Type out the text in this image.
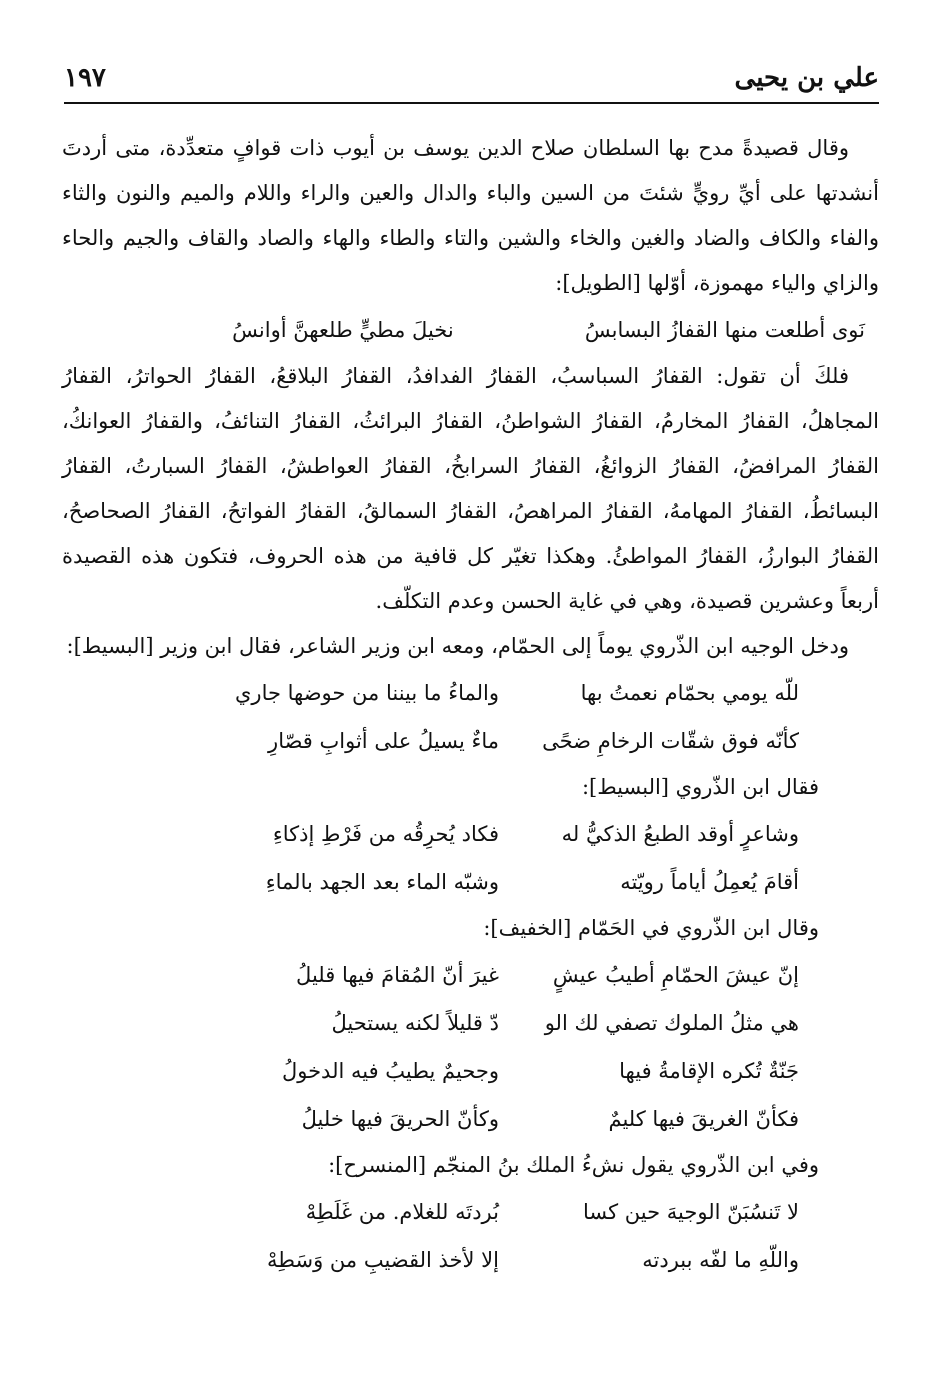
١٩٧	علي بن يحيى

وقال قصيدةً مدح بها السلطان صلاح الدين يوسف بن أيوب ذات قوافٍ متعدِّدة، متى أردتَ أنشدتها على أيِّ رويٍّ شئتَ من السين والباء والدال والعين والراء واللام والميم والنون والثاء والفاء والكاف والضاد والغين والخاء والشين والتاء والطاء والهاء والصاد والقاف والجيم والحاء والزاي والياء مهموزة، أوّلها [الطويل]:

نَوى أطلعت منها القفازُ البسابسُ
نخيلَ مطيٍّ طلعهنَّ أوانسُ

فلكَ أن تقول: القفارُ السباسبُ، القفارُ الفدافدُ، القفارُ البلاقعُ، القفارُ الحواترُ، القفارُ المجاهلُ، القفارُ المخارمُ، القفارُ الشواطنُ، القفارُ البرائثُ، القفارُ التنائفُ، والقفارُ العوانكُ، القفارُ المرافضُ، القفارُ الزوائغُ، القفارُ السرابخُ، القفارُ العواطشُ، القفارُ السبارتُ، القفارُ البسائطُ، القفارُ المهامهُ، القفارُ المراهصُ، القفارُ السمالقُ، القفارُ الفواتحُ، القفارُ الصحاصحُ، القفارُ البوارزُ، القفارُ المواطئُ. وهكذا تغيّر كل قافية من هذه الحروف، فتكون هذه القصيدة أربعاً وعشرين قصيدة، وهي في غاية الحسن وعدم التكلّف.

ودخل الوجيه ابن الذّروي يوماً إلى الحمّام، ومعه ابن وزير الشاعر، فقال ابن وزير [البسيط]:

للّه يومي بحمّام نعمتُ بها
والماءُ ما بيننا من حوضها جاري
كأنّه فوق شقّات الرخامِ ضحًى
ماءٌ يسيلُ على أثوابِ قصّارِ

فقال ابن الذّروي [البسيط]:

وشاعرٍ أوقد الطبعُ الذكيُّ له
فكاد يُحرِقُه من فَرْطِ إذكاءِ
أقامَ يُعمِلُ أياماً رويّته
وشبّه الماء بعد الجهد بالماءِ

وقال ابن الذّروي في الحَمّام [الخفيف]:

إنّ عيشَ الحمّامِ أطيبُ عيشٍ
غيرَ أنّ المُقامَ فيها قليلُ
هي مثلُ الملوك تصفي لك الو
دّ قليلاً لكنه يستحيلُ
جَنّةٌ تُكره الإقامةُ فيها
وجحيمٌ يطيبُ فيه الدخولُ
فكأنّ الغريقَ فيها كليمٌ
وكأنّ الحريقَ فيها خليلُ

وفي ابن الذّروي يقول نشءُ الملك بنُ المنجّم [المنسرح]:

لا تَنسُبَنّ الوجيهَ حين كسا
بُردتَه للغلام. من غَلَطِهْ
واللّهِ ما لفّه ببردته
إلا لأخذ القضيبِ من وَسَطِهْ
